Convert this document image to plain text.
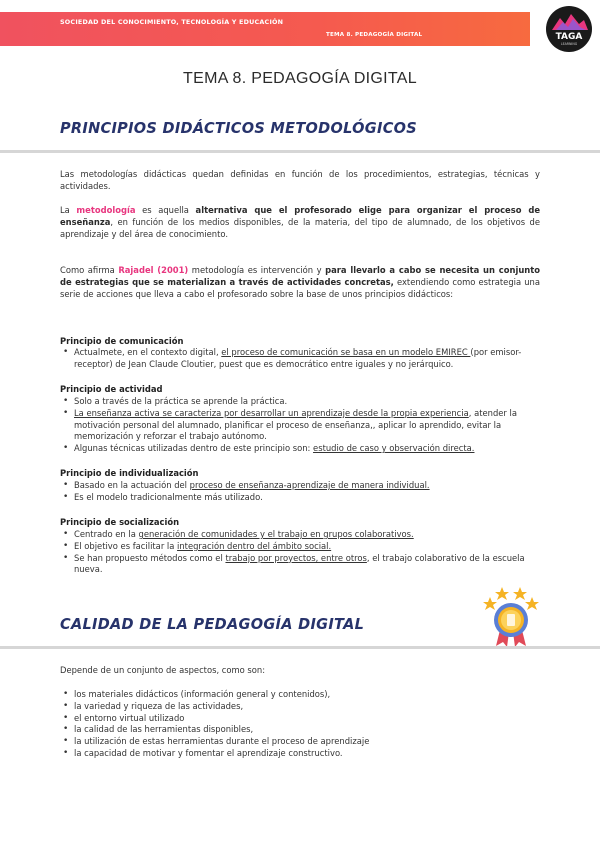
SOCIEDAD DEL CONOCIMIENTO, TECNOLOGÍA Y EDUCACIÓN
TEMA 8. PEDAGOGÍA DIGITAL	TAGA
LEARNING
TEMA 8. PEDAGOGÍA DIGITAL
PRINCIPIOS DIDÁCTICOS METODOLÓGICOS
Las metodologías didácticas quedan definidas en función de los procedimientos, estrategias, técnicas y actividades.
La metodología es aquella alternativa que el profesorado elige para organizar el proceso de enseñanza, en función de los medios disponibles, de la materia, del tipo de alumnado, de los objetivos de aprendizaje y del área de conocimiento.
Como afirma Rajadel (2001) metodología es intervención y para llevarlo a cabo se necesita un conjunto de estrategias que se materializan a través de actividades concretas, extendiendo como estrategia una serie de acciones que lleva a cabo el profesorado sobre la base de unos principios didácticos:
Principio de comunicación
• Actualmete, en el contexto digital, el proceso de comunicación se basa en un modelo EMIREC (por emisor-receptor) de Jean Claude Cloutier, puest que es democrático entre iguales y no jerárquico.
Principio de actividad
• Solo a través de la práctica se aprende la práctica.
• La enseñanza activa se caracteriza por desarrollar un aprendizaje desde la propia experiencia, atender la motivación personal del alumnado, planificar el proceso de enseñanza,, aplicar lo aprendido, evitar la memorización y reforzar el trabajo autónomo.
• Algunas técnicas utilizadas dentro de este principio son: estudio de caso y observación directa.
Principio de individualización
• Basado en la actuación del proceso de enseñanza-aprendizaje de manera individual.
• Es el modelo tradicionalmente más utilizado.
Principio de socialización
• Centrado en la generación de comunidades y el trabajo en grupos colaborativos.
• El objetivo es facilitar la integración dentro del ámbito social.
• Se han propuesto métodos como el trabajo por proyectos, entre otros, el trabajo colaborativo de la escuela nueva.
CALIDAD DE LA PEDAGOGÍA DIGITAL
Depende de un conjunto de aspectos, como son:
• los materiales didácticos (información general y contenidos),
• la variedad y riqueza de las actividades,
• el entorno virtual utilizado
• la calidad de las herramientas disponibles,
• la utilización de estas herramientas durante el proceso de aprendizaje
• la capacidad de motivar y fomentar el aprendizaje constructivo.
